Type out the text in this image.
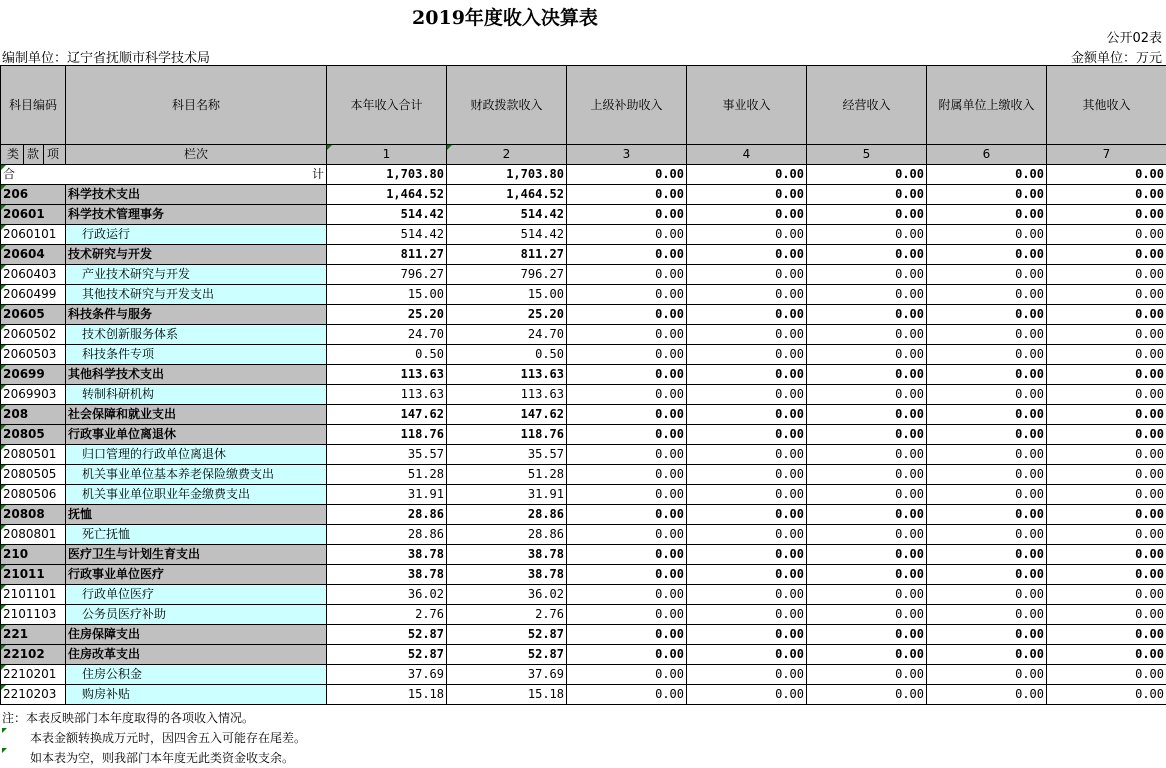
2019年度收入决算表
公开02表
编制单位：辽宁省抚顺市科学技术局	金额单位：万元
科目编码	科目名称	本年收入合计	财政拨款收入	上级补助收入	事业收入	经营收入	附属单位上缴收入	其他收入
类 款 项	栏次	1	2	3	4	5	6	7
合 计		1,703.80	1,703.80	0.00	0.00	0.00	0.00	0.00
206	科学技术支出	1,464.52	1,464.52	0.00	0.00	0.00	0.00	0.00
20601	科学技术管理事务	514.42	514.42	0.00	0.00	0.00	0.00	0.00
2060101	行政运行	514.42	514.42	0.00	0.00	0.00	0.00	0.00
20604	技术研究与开发	811.27	811.27	0.00	0.00	0.00	0.00	0.00
2060403	产业技术研究与开发	796.27	796.27	0.00	0.00	0.00	0.00	0.00
2060499	其他技术研究与开发支出	15.00	15.00	0.00	0.00	0.00	0.00	0.00
20605	科技条件与服务	25.20	25.20	0.00	0.00	0.00	0.00	0.00
2060502	技术创新服务体系	24.70	24.70	0.00	0.00	0.00	0.00	0.00
2060503	科技条件专项	0.50	0.50	0.00	0.00	0.00	0.00	0.00
20699	其他科学技术支出	113.63	113.63	0.00	0.00	0.00	0.00	0.00
2069903	转制科研机构	113.63	113.63	0.00	0.00	0.00	0.00	0.00
208	社会保障和就业支出	147.62	147.62	0.00	0.00	0.00	0.00	0.00
20805	行政事业单位离退休	118.76	118.76	0.00	0.00	0.00	0.00	0.00
2080501	归口管理的行政单位离退休	35.57	35.57	0.00	0.00	0.00	0.00	0.00
2080505	机关事业单位基本养老保险缴费支出	51.28	51.28	0.00	0.00	0.00	0.00	0.00
2080506	机关事业单位职业年金缴费支出	31.91	31.91	0.00	0.00	0.00	0.00	0.00
20808	抚恤	28.86	28.86	0.00	0.00	0.00	0.00	0.00
2080801	死亡抚恤	28.86	28.86	0.00	0.00	0.00	0.00	0.00
210	医疗卫生与计划生育支出	38.78	38.78	0.00	0.00	0.00	0.00	0.00
21011	行政事业单位医疗	38.78	38.78	0.00	0.00	0.00	0.00	0.00
2101101	行政单位医疗	36.02	36.02	0.00	0.00	0.00	0.00	0.00
2101103	公务员医疗补助	2.76	2.76	0.00	0.00	0.00	0.00	0.00
221	住房保障支出	52.87	52.87	0.00	0.00	0.00	0.00	0.00
22102	住房改革支出	52.87	52.87	0.00	0.00	0.00	0.00	0.00
2210201	住房公积金	37.69	37.69	0.00	0.00	0.00	0.00	0.00
2210203	购房补贴	15.18	15.18	0.00	0.00	0.00	0.00	0.00
注：本表反映部门本年度取得的各项收入情况。
本表金额转换成万元时，因四舍五入可能存在尾差。
如本表为空，则我部门本年度无此类资金收支余。
